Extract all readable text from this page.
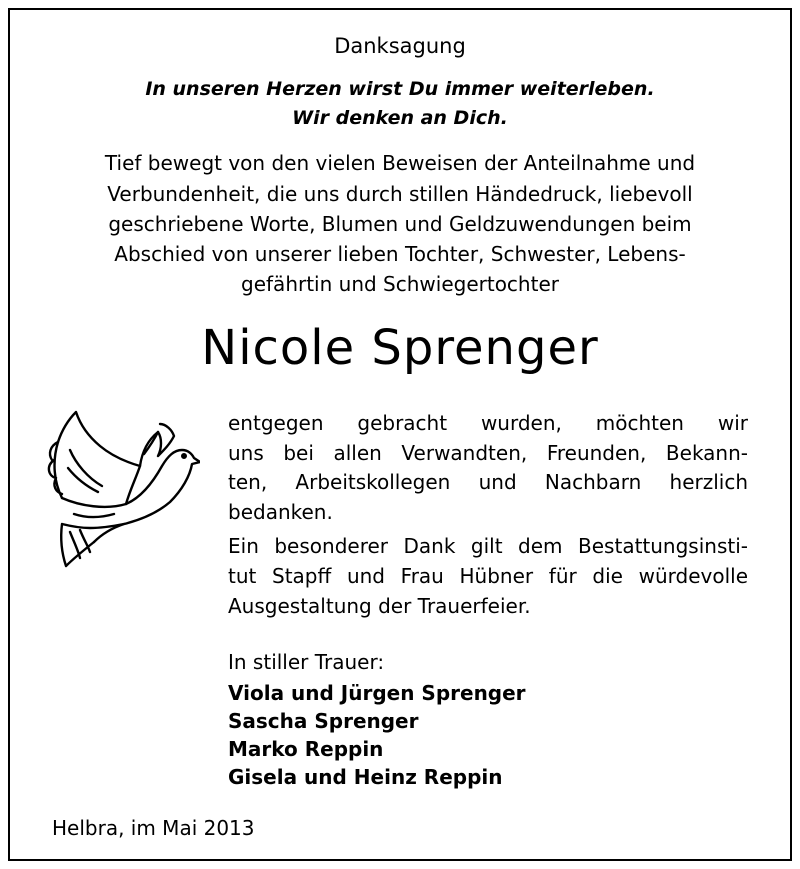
Danksagung
In unseren Herzen wirst Du immer weiterleben.
Wir denken an Dich.
Tief bewegt von den vielen Beweisen der Anteilnahme und
Verbundenheit, die uns durch stillen Händedruck, liebevoll
geschriebene Worte, Blumen und Geldzuwendungen beim
Abschied von unserer lieben Tochter, Schwester, Lebens-
gefährtin und Schwiegertochter
Nicole Sprenger
entgegen gebracht wurden, möchten wir
uns bei allen Verwandten, Freunden, Bekann-
ten, Arbeitskollegen und Nachbarn herzlich
bedanken.
Ein besonderer Dank gilt dem Bestattungsinsti-
tut Stapff und Frau Hübner für die würdevolle
Ausgestaltung der Trauerfeier.
In stiller Trauer:
Viola und Jürgen Sprenger
Sascha Sprenger
Marko Reppin
Gisela und Heinz Reppin
Helbra, im Mai 2013
